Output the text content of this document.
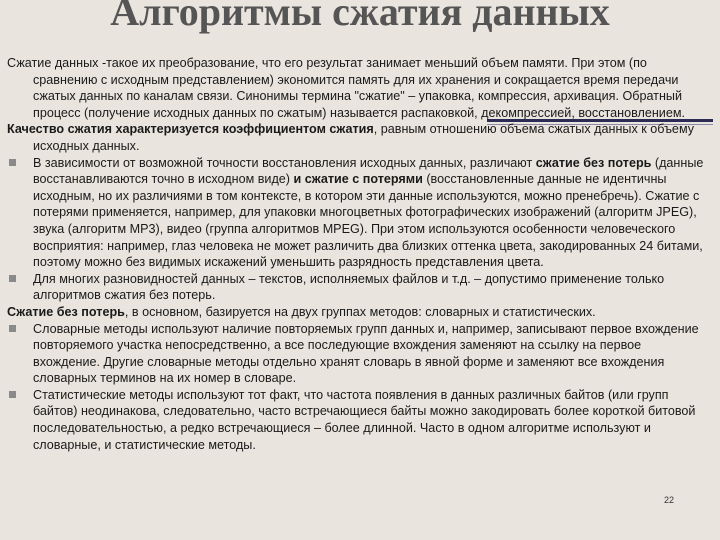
Алгоритмы сжатия данных

Сжатие данных -такое их преобразование, что его результат занимает меньший объем памяти. При этом (по сравнению с исходным представлением) экономится память для их хранения и сокращается время передачи сжатых данных по каналам связи. Синонимы термина "сжатие" – упаковка, компрессия, архивация. Обратный процесс (получение исходных данных по сжатым) называется распаковкой, декомпрессией, восстановлением.

Качество сжатия характеризуется коэффициентом сжатия, равным отношению объема сжатых данных к объему исходных данных.

В зависимости от возможной точности восстановления исходных данных, различают сжатие без потерь (данные восстанавливаются точно в исходном виде) и сжатие с потерями (восстановленные данные не идентичны исходным, но их различиями в том контексте, в котором эти данные используются, можно пренебречь). Сжатие с потерями применяется, например, для упаковки многоцветных фотографических изображений (алгоритм JPEG), звука (алгоритм MP3), видео (группа алгоритмов MPEG). При этом используются особенности человеческого восприятия: например, глаз человека не может различить два близких оттенка цвета, закодированных 24 битами, поэтому можно без видимых искажений уменьшить разрядность представления цвета.

Для многих разновидностей данных – текстов, исполняемых файлов и т.д. – допустимо применение только алгоритмов сжатия без потерь.

Сжатие без потерь, в основном, базируется на двух группах методов: словарных и статистических.

Словарные методы используют наличие повторяемых групп данных и, например, записывают первое вхождение повторяемого участка непосредственно, а все последующие вхождения заменяют на ссылку на первое вхождение. Другие словарные методы отдельно хранят словарь в явной форме и заменяют все вхождения словарных терминов на их номер в словаре.

Статистические методы используют тот факт, что частота появления в данных различных байтов (или групп байтов) неодинакова, следовательно, часто встречающиеся байты можно закодировать более короткой битовой последовательностью, а редко встречающиеся – более длинной. Часто в одном алгоритме используют и словарные, и статистические методы.

22
